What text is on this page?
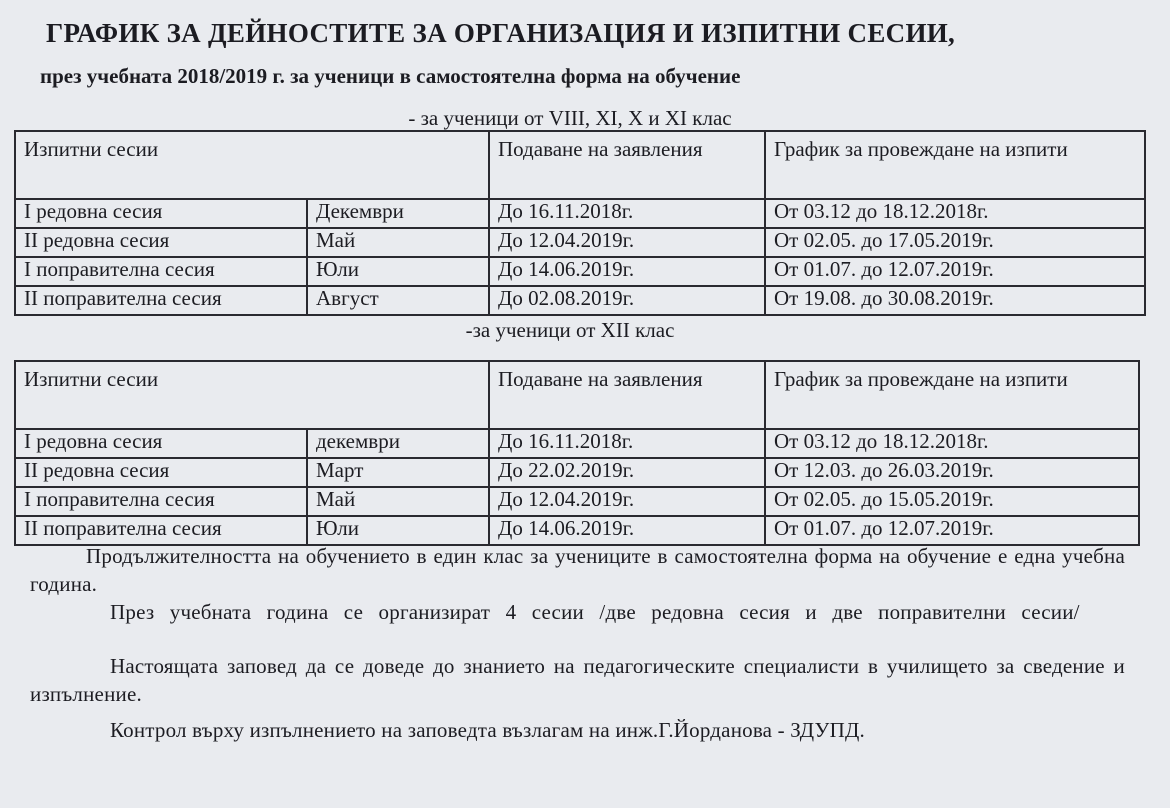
ГРАФИК ЗА ДЕЙНОСТИТЕ ЗА ОРГАНИЗАЦИЯ И ИЗПИТНИ СЕСИИ,
през учебната 2018/2019 г. за ученици в самостоятелна форма на обучение
- за ученици от VIII, XI, X и XI клас
Изпитни сесии		Подаване на заявления	График за провеждане на изпити
I редовна сесия	Декември	До 16.11.2018г.	От 03.12 до 18.12.2018г.
II редовна сесия	Май	До 12.04.2019г.	От 02.05. до 17.05.2019г.
I поправителна сесия	Юли	До 14.06.2019г.	От 01.07. до 12.07.2019г.
II поправителна сесия	Август	До 02.08.2019г.	От 19.08. до 30.08.2019г.
-за ученици от XII клас
Изпитни сесии		Подаване на заявления	График за провеждане на изпити
I редовна сесия	декември	До 16.11.2018г.	От 03.12 до 18.12.2018г.
II редовна сесия	Март	До 22.02.2019г.	От 12.03. до 26.03.2019г.
I поправителна сесия	Май	До 12.04.2019г.	От 02.05. до 15.05.2019г.
II поправителна сесия	Юли	До 14.06.2019г.	От 01.07. до 12.07.2019г.
Продължителността на обучението в един клас за учениците в самостоятелна форма на обучение е една учебна година.
През учебната година се организират 4 сесии /две редовна сесия и две поправителни сесии/
Настоящата заповед да се доведе до знанието на педагогическите специалисти в училището за сведение и изпълнение.
Контрол върху изпълнението на заповедта възлагам на инж.Г.Йорданова - ЗДУПД.
